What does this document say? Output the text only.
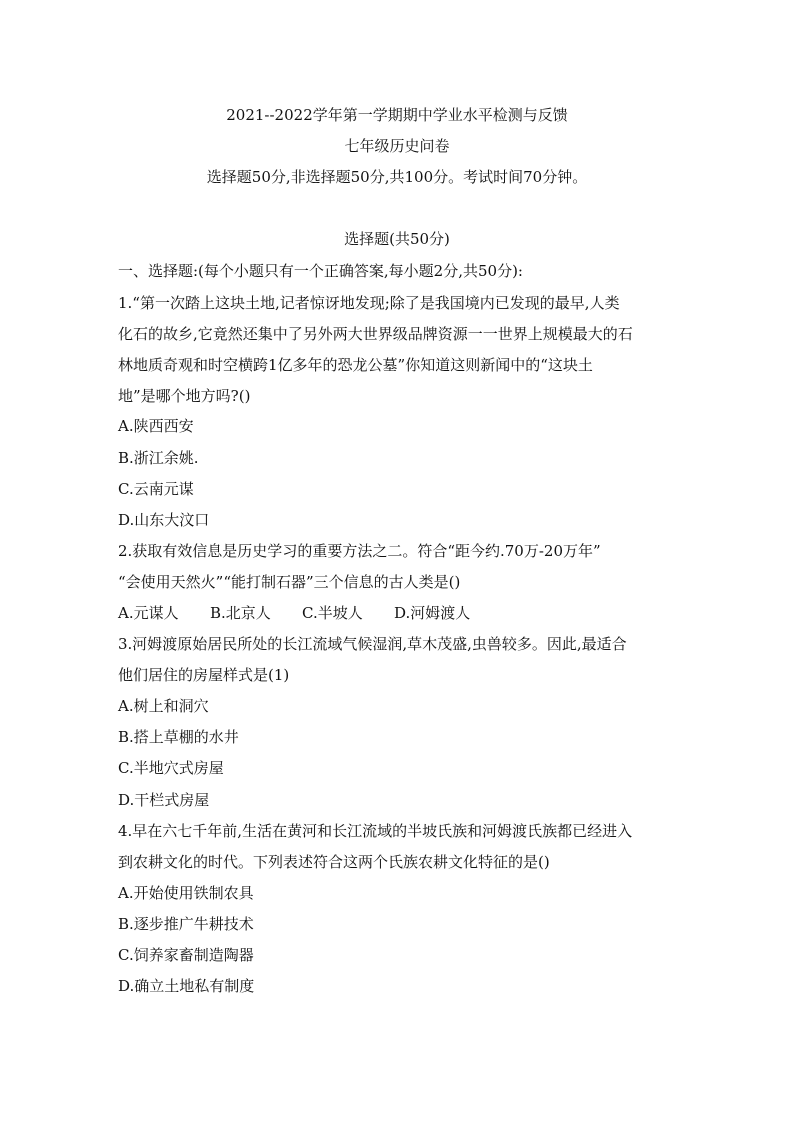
2021--2022学年第一学期期中学业水平检测与反馈
七年级历史问卷
选择题50分,非选择题50分,共100分。考试时间70分钟。
选择题(共50分)
一、选择题:(每个小题只有一个正确答案,每小题2分,共50分):
1.“第一次踏上这块土地,记者惊讶地发现;除了是我国境内已发现的最早,人类
化石的故乡,它竟然还集中了另外两大世界级品牌资源一一世界上规模最大的石
林地质奇观和时空横跨1亿多年的恐龙公墓”你知道这则新闻中的“这块土
地”是哪个地方吗?()
A.陕西西安
B.浙江余姚.
C.云南元谋
D.山东大汶口
2.获取有效信息是历史学习的重要方法之二。符合“距今约.70万-20万年”
“会使用天然火”“能打制石器”三个信息的古人类是()
A.元谋人 B.北京人 C.半坡人 D.河姆渡人
3.河姆渡原始居民所处的长江流域气候湿润,草木茂盛,虫兽较多。因此,最适合
他们居住的房屋样式是(1)
A.树上和洞穴
B.搭上草棚的水井
C.半地穴式房屋
D.干栏式房屋
4.早在六七千年前,生活在黄河和长江流域的半坡氏族和河姆渡氏族都已经进入
到农耕文化的时代。下列表述符合这两个氏族农耕文化特征的是()
A.开始使用铁制农具
B.逐步推广牛耕技术
C.饲养家畜制造陶器
D.确立土地私有制度
